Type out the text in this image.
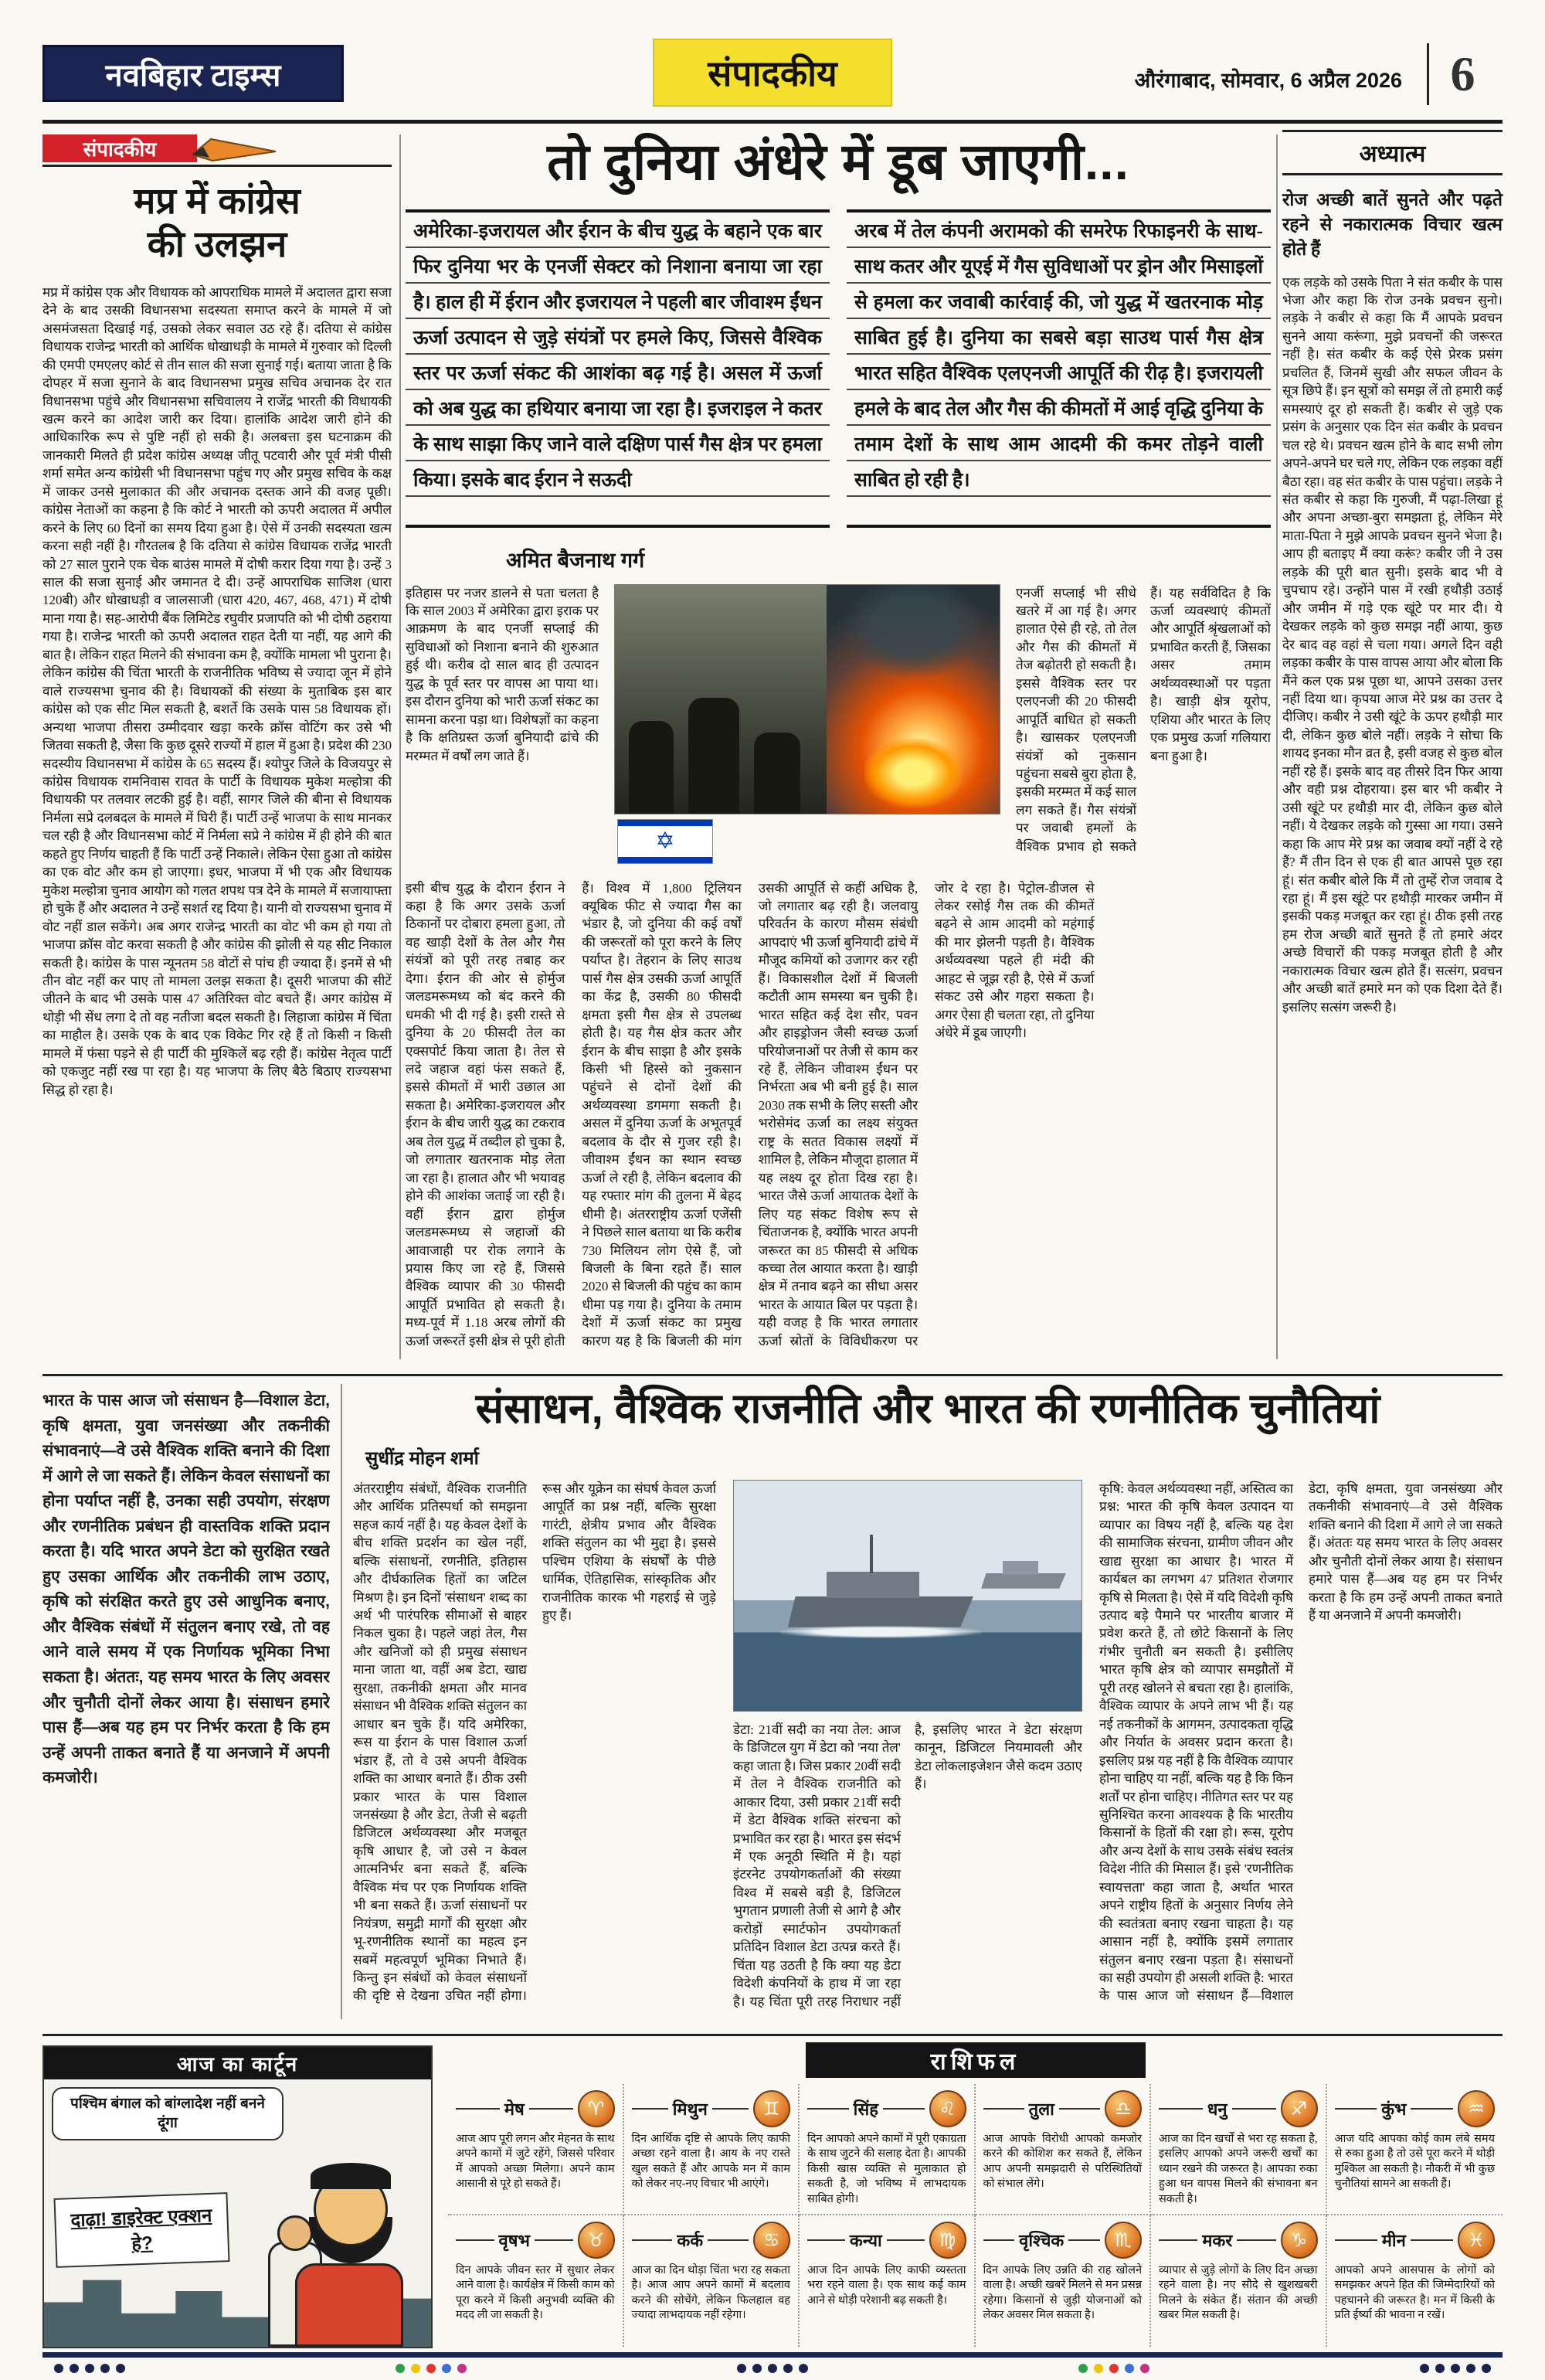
नवबिहार टाइम्स	संपादकीय	औरंगाबाद, सोमवार, 6 अप्रैल 2026 6
संपादकीय
मप्र में कांग्रेस
की उलझन
मप्र में कांग्रेस एक और विधायक को आपराधिक मामले में अदालत द्वारा सजा देने के बाद उसकी विधानसभा सदस्यता समाप्त करने के मामले में जो असमंजसता दिखाई गई, उसको लेकर सवाल उठ रहे हैं। दतिया से कांग्रेस विधायक राजेन्द्र भारती को आर्थिक धोखाधड़ी के मामले में गुरुवार को दिल्ली की एमपी एमएलए कोर्ट से तीन साल की सजा सुनाई गई। बताया जाता है कि दोपहर में सजा सुनाने के बाद विधानसभा प्रमुख सचिव अचानक देर रात विधानसभा पहुंचे और विधानसभा सचिवालय ने राजेंद्र भारती की विधायकी खत्म करने का आदेश जारी कर दिया। हालांकि आदेश जारी होने की आधिकारिक रूप से पुष्टि नहीं हो सकी है। अलबत्ता इस घटनाक्रम की जानकारी मिलते ही प्रदेश कांग्रेस अध्यक्ष जीतू पटवारी और पूर्व मंत्री पीसी शर्मा समेत अन्य कांग्रेसी भी विधानसभा पहुंच गए और प्रमुख सचिव के कक्ष में जाकर उनसे मुलाकात की और अचानक दस्तक आने की वजह पूछी। कांग्रेस नेताओं का कहना है कि कोर्ट ने भारती को ऊपरी अदालत में अपील करने के लिए 60 दिनों का समय दिया हुआ है। ऐसे में उनकी सदस्यता खत्म करना सही नहीं है। गौरतलब है कि दतिया से कांग्रेस विधायक राजेंद्र भारती को 27 साल पुराने एक चेक बाउंस मामले में दोषी करार दिया गया है। उन्हें 3 साल की सजा सुनाई और जमानत दे दी। उन्हें आपराधिक साजिश (धारा 120बी) और धोखाधड़ी व जालसाजी (धारा 420, 467, 468, 471) में दोषी माना गया है। सह-आरोपी बैंक लिमिटेड रघुवीर प्रजापति को भी दोषी ठहराया गया है। राजेन्द्र भारती को ऊपरी अदालत राहत देती या नहीं, यह आगे की बात है। लेकिन राहत मिलने की संभावना कम है, क्योंकि मामला भी पुराना है। लेकिन कांग्रेस की चिंता भारती के राजनीतिक भविष्य से ज्यादा जून में होने वाले राज्यसभा चुनाव की है। विधायकों की संख्या के मुताबिक इस बार कांग्रेस को एक सीट मिल सकती है, बशर्ते कि उसके पास 58 विधायक हों। अन्यथा भाजपा तीसरा उम्मीदवार खड़ा करके क्रॉस वोटिंग कर उसे भी जितवा सकती है, जैसा कि कुछ दूसरे राज्यों में हाल में हुआ है। प्रदेश की 230 सदस्यीय विधानसभा में कांग्रेस के 65 सदस्य हैं। श्योपुर जिले के विजयपुर से कांग्रेस विधायक रामनिवास रावत के पार्टी के विधायक मुकेश मल्होत्रा की विधायकी पर तलवार लटकी हुई है। वहीं, सागर जिले की बीना से विधायक निर्मला सप्रे दलबदल के मामले में घिरी हैं। पार्टी उन्हें भाजपा के साथ मानकर चल रही है और विधानसभा कोर्ट में निर्मला सप्रे ने कांग्रेस में ही होने की बात कहते हुए निर्णय चाहती हैं कि पार्टी उन्हें निकाले। लेकिन ऐसा हुआ तो कांग्रेस का एक वोट और कम हो जाएगा। इधर, भाजपा में भी एक और विधायक मुकेश मल्होत्रा चुनाव आयोग को गलत शपथ पत्र देने के मामले में सजायाफ्ता हो चुके हैं और अदालत ने उन्हें सशर्त रद्द दिया है। यानी वो राज्यसभा चुनाव में वोट नहीं डाल सकेंगे। अब अगर राजेन्द्र भारती का वोट भी कम हो गया तो भाजपा क्रॉस वोट करवा सकती है और कांग्रेस की झोली से यह सीट निकाल सकती है। कांग्रेस के पास न्यूनतम 58 वोटों से पांच ही ज्यादा हैं। इनमें से भी तीन वोट नहीं कर पाए तो मामला उलझ सकता है। दूसरी भाजपा की सीटें जीतने के बाद भी उसके पास 47 अतिरिक्त वोट बचते हैं। अगर कांग्रेस में थोड़ी भी सेंध लगा दे तो वह नतीजा बदल सकती है। लिहाजा कांग्रेस में चिंता का माहौल है। उसके एक के बाद एक विकेट गिर रहे हैं तो किसी न किसी मामले में फंसा पड़ने से ही पार्टी की मुश्किलें बढ़ रही हैं। कांग्रेस नेतृत्व पार्टी को एकजुट नहीं रख पा रहा है। यह भाजपा के लिए बैठे बिठाए राज्यसभा सिद्ध हो रहा है।
तो दुनिया अंधेरे में डूब जाएगी...
अमेरिका-इजरायल और ईरान के बीच युद्ध के बहाने एक बार फिर दुनिया भर के एनर्जी सेक्टर को निशाना बनाया जा रहा है। हाल ही में ईरान और इजरायल ने पहली बार जीवाश्म ईंधन ऊर्जा उत्पादन से जुड़े संयंत्रों पर हमले किए, जिससे वैश्विक स्तर पर ऊर्जा संकट की आशंका बढ़ गई है। असल में ऊर्जा को अब युद्ध का हथियार बनाया जा रहा है। इजराइल ने कतर के साथ साझा किए जाने वाले दक्षिण पार्स गैस क्षेत्र पर हमला किया। इसके बाद ईरान ने सऊदी
अरब में तेल कंपनी अरामको की समरेफ रिफाइनरी के साथ-साथ कतर और यूएई में गैस सुविधाओं पर ड्रोन और मिसाइलों से हमला कर जवाबी कार्रवाई की, जो युद्ध में खतरनाक मोड़ साबित हुई है। दुनिया का सबसे बड़ा साउथ पार्स गैस क्षेत्र भारत सहित वैश्विक एलएनजी आपूर्ति की रीढ़ है। इजरायली हमले के बाद तेल और गैस की कीमतों में आई वृद्धि दुनिया के तमाम देशों के साथ आम आदमी की कमर तोड़ने वाली साबित हो रही है।
अमित बैजनाथ गर्ग
इतिहास पर नजर डालने से पता चलता है कि साल 2003 में अमेरिका द्वारा इराक पर आक्रमण के बाद एनर्जी सप्लाई की सुविधाओं को निशाना बनाने की शुरुआत हुई थी। करीब दो साल बाद ही उत्पादन युद्ध के पूर्व स्तर पर वापस आ पाया था। इस दौरान दुनिया को भारी ऊर्जा संकट का सामना करना पड़ा था। विशेषज्ञों का कहना है कि क्षतिग्रस्त ऊर्जा बुनियादी ढांचे की मरम्मत में वर्षों लग जाते हैं।
✡
एनर्जी सप्लाई भी सीधे खतरे में आ गई है। अगर हालात ऐसे ही रहे, तो तेल और गैस की कीमतों में तेज बढ़ोतरी हो सकती है। इससे वैश्विक स्तर पर एलएनजी की 20 फीसदी आपूर्ति बाधित हो सकती है। खासकर एलएनजी संयंत्रों को नुकसान पहुंचना सबसे बुरा होता है, इसकी मरम्मत में कई साल लग सकते हैं। गैस संयंत्रों पर जवाबी हमलों के वैश्विक प्रभाव हो सकते हैं। यह सर्वविदित है कि ऊर्जा व्यवस्थाएं कीमतों और आपूर्ति श्रृंखलाओं को प्रभावित करती हैं, जिसका असर तमाम अर्थव्यवस्थाओं पर पड़ता है। खाड़ी क्षेत्र यूरोप, एशिया और भारत के लिए एक प्रमुख ऊर्जा गलियारा बना हुआ है।
इसी बीच युद्ध के दौरान ईरान ने कहा है कि अगर उसके ऊर्जा ठिकानों पर दोबारा हमला हुआ, तो वह खाड़ी देशों के तेल और गैस संयंत्रों को पूरी तरह तबाह कर देगा। ईरान की ओर से होर्मुज जलडमरूमध्य को बंद करने की धमकी भी दी गई है। इसी रास्ते से दुनिया के 20 फीसदी तेल का एक्सपोर्ट किया जाता है। तेल से लदे जहाज वहां फंस सकते हैं, इससे कीमतों में भारी उछाल आ सकता है। अमेरिका-इजरायल और ईरान के बीच जारी युद्ध का टकराव अब तेल युद्ध में तब्दील हो चुका है, जो लगातार खतरनाक मोड़ लेता जा रहा है। हालात और भी भयावह होने की आशंका जताई जा रही है। वहीं ईरान द्वारा होर्मुज जलडमरूमध्य से जहाजों की आवाजाही पर रोक लगाने के प्रयास किए जा रहे हैं, जिससे वैश्विक व्यापार की 30 फीसदी आपूर्ति प्रभावित हो सकती है। मध्य-पूर्व में 1.18 अरब लोगों की ऊर्जा जरूरतें इसी क्षेत्र से पूरी होती हैं। विश्व में 1,800 ट्रिलियन क्यूबिक फीट से ज्यादा गैस का भंडार है, जो दुनिया की कई वर्षों की जरूरतों को पूरा करने के लिए पर्याप्त है। तेहरान के लिए साउथ पार्स गैस क्षेत्र उसकी ऊर्जा आपूर्ति का केंद्र है, उसकी 80 फीसदी क्षमता इसी गैस क्षेत्र से उपलब्ध होती है। यह गैस क्षेत्र कतर और ईरान के बीच साझा है और इसके किसी भी हिस्से को नुकसान पहुंचने से दोनों देशों की अर्थव्यवस्था डगमगा सकती है। असल में दुनिया ऊर्जा के अभूतपूर्व बदलाव के दौर से गुजर रही है। जीवाश्म ईंधन का स्थान स्वच्छ ऊर्जा ले रही है, लेकिन बदलाव की यह रफ्तार मांग की तुलना में बेहद धीमी है। अंतरराष्ट्रीय ऊर्जा एजेंसी ने पिछले साल बताया था कि करीब 730 मिलियन लोग ऐसे हैं, जो बिजली के बिना रहते हैं। साल 2020 से बिजली की पहुंच का काम धीमा पड़ गया है। दुनिया के तमाम देशों में ऊर्जा संकट का प्रमुख कारण यह है कि बिजली की मांग उसकी आपूर्ति से कहीं अधिक है, जो लगातार बढ़ रही है। जलवायु परिवर्तन के कारण मौसम संबंधी आपदाएं भी ऊर्जा बुनियादी ढांचे में मौजूद कमियों को उजागर कर रही हैं। विकासशील देशों में बिजली कटौती आम समस्या बन चुकी है। भारत सहित कई देश सौर, पवन और हाइड्रोजन जैसी स्वच्छ ऊर्जा परियोजनाओं पर तेजी से काम कर रहे हैं, लेकिन जीवाश्म ईंधन पर निर्भरता अब भी बनी हुई है। साल 2030 तक सभी के लिए सस्ती और भरोसेमंद ऊर्जा का लक्ष्य संयुक्त राष्ट्र के सतत विकास लक्ष्यों में शामिल है, लेकिन मौजूदा हालात में यह लक्ष्य दूर होता दिख रहा है। भारत जैसे ऊर्जा आयातक देशों के लिए यह संकट विशेष रूप से चिंताजनक है, क्योंकि भारत अपनी जरूरत का 85 फीसदी से अधिक कच्चा तेल आयात करता है। खाड़ी क्षेत्र में तनाव बढ़ने का सीधा असर भारत के आयात बिल पर पड़ता है। यही वजह है कि भारत लगातार ऊर्जा स्रोतों के विविधीकरण पर जोर दे रहा है। पेट्रोल-डीजल से लेकर रसोई गैस तक की कीमतें बढ़ने से आम आदमी को महंगाई की मार झेलनी पड़ती है। वैश्विक अर्थव्यवस्था पहले ही मंदी की आहट से जूझ रही है, ऐसे में ऊर्जा संकट उसे और गहरा सकता है। अगर ऐसा ही चलता रहा, तो दुनिया अंधेरे में डूब जाएगी।
अध्यात्म
रोज अच्छी बातें सुनते और पढ़ते रहने से नकारात्मक विचार खत्म होते हैं
एक लड़के को उसके पिता ने संत कबीर के पास भेजा और कहा कि रोज उनके प्रवचन सुनो। लड़के ने कबीर से कहा कि मैं आपके प्रवचन सुनने आया करूंगा, मुझे प्रवचनों की जरूरत नहीं है। संत कबीर के कई ऐसे प्रेरक प्रसंग प्रचलित हैं, जिनमें सुखी और सफल जीवन के सूत्र छिपे हैं। इन सूत्रों को समझ लें तो हमारी कई समस्याएं दूर हो सकती हैं। कबीर से जुड़े एक प्रसंग के अनुसार एक दिन संत कबीर के प्रवचन चल रहे थे। प्रवचन खत्म होने के बाद सभी लोग अपने-अपने घर चले गए, लेकिन एक लड़का वहीं बैठा रहा। वह संत कबीर के पास पहुंचा। लड़के ने संत कबीर से कहा कि गुरुजी, मैं पढ़ा-लिखा हूं और अपना अच्छा-बुरा समझता हूं, लेकिन मेरे माता-पिता ने मुझे आपके प्रवचन सुनने भेजा है। आप ही बताइए मैं क्या करूं? कबीर जी ने उस लड़के की पूरी बात सुनी। इसके बाद भी वे चुपचाप रहे। उन्होंने पास में रखी हथौड़ी उठाई और जमीन में गड़े एक खूंटे पर मार दी। ये देखकर लड़के को कुछ समझ नहीं आया, कुछ देर बाद वह वहां से चला गया। अगले दिन वही लड़का कबीर के पास वापस आया और बोला कि मैंने कल एक प्रश्न पूछा था, आपने उसका उत्तर नहीं दिया था। कृपया आज मेरे प्रश्न का उत्तर दे दीजिए। कबीर ने उसी खूंटे के ऊपर हथौड़ी मार दी, लेकिन कुछ बोले नहीं। लड़के ने सोचा कि शायद इनका मौन व्रत है, इसी वजह से कुछ बोल नहीं रहे हैं। इसके बाद वह तीसरे दिन फिर आया और वही प्रश्न दोहराया। इस बार भी कबीर ने उसी खूंटे पर हथौड़ी मार दी, लेकिन कुछ बोले नहीं। ये देखकर लड़के को गुस्सा आ गया। उसने कहा कि आप मेरे प्रश्न का जवाब क्यों नहीं दे रहे हैं? मैं तीन दिन से एक ही बात आपसे पूछ रहा हूं। संत कबीर बोले कि मैं तो तुम्हें रोज जवाब दे रहा हूं। मैं इस खूंटे पर हथौड़ी मारकर जमीन में इसकी पकड़ मजबूत कर रहा हूं। ठीक इसी तरह हम रोज अच्छी बातें सुनते हैं तो हमारे अंदर अच्छे विचारों की पकड़ मजबूत होती है और नकारात्मक विचार खत्म होते हैं। सत्संग, प्रवचन और अच्छी बातें हमारे मन को एक दिशा देते हैं। इसलिए सत्संग जरूरी है।
भारत के पास आज जो संसाधन है—विशाल डेटा, कृषि क्षमता, युवा जनसंख्या और तकनीकी संभावनाएं—वे उसे वैश्विक शक्ति बनाने की दिशा में आगे ले जा सकते हैं। लेकिन केवल संसाधनों का होना पर्याप्त नहीं है, उनका सही उपयोग, संरक्षण और रणनीतिक प्रबंधन ही वास्तविक शक्ति प्रदान करता है। यदि भारत अपने डेटा को सुरक्षित रखते हुए उसका आर्थिक और तकनीकी लाभ उठाए, कृषि को संरक्षित करते हुए उसे आधुनिक बनाए, और वैश्विक संबंधों में संतुलन बनाए रखे, तो वह आने वाले समय में एक निर्णायक भूमिका निभा सकता है। अंततः, यह समय भारत के लिए अवसर और चुनौती दोनों लेकर आया है। संसाधन हमारे पास हैं—अब यह हम पर निर्भर करता है कि हम उन्हें अपनी ताकत बनाते हैं या अनजाने में अपनी कमजोरी।
संसाधन, वैश्विक राजनीति और भारत की रणनीतिक चुनौतियां
सुधींद्र मोहन शर्मा
अंतरराष्ट्रीय संबंधों, वैश्विक राजनीति और आर्थिक प्रतिस्पर्धा को समझना सहज कार्य नहीं है। यह केवल देशों के बीच शक्ति प्रदर्शन का खेल नहीं, बल्कि संसाधनों, रणनीति, इतिहास और दीर्घकालिक हितों का जटिल मिश्रण है। इन दिनों 'संसाधन' शब्द का अर्थ भी पारंपरिक सीमाओं से बाहर निकल चुका है। पहले जहां तेल, गैस और खनिजों को ही प्रमुख संसाधन माना जाता था, वहीं अब डेटा, खाद्य सुरक्षा, तकनीकी क्षमता और मानव संसाधन भी वैश्विक शक्ति संतुलन का आधार बन चुके हैं। यदि अमेरिका, रूस या ईरान के पास विशाल ऊर्जा भंडार हैं, तो वे उसे अपनी वैश्विक शक्ति का आधार बनाते हैं। ठीक उसी प्रकार भारत के पास विशाल जनसंख्या है और डेटा, तेजी से बढ़ती डिजिटल अर्थव्यवस्था और मजबूत कृषि आधार है, जो उसे न केवल आत्मनिर्भर बना सकते हैं, बल्कि वैश्विक मंच पर एक निर्णायक शक्ति भी बना सकते हैं। ऊर्जा संसाधनों पर नियंत्रण, समुद्री मार्गों की सुरक्षा और भू-रणनीतिक स्थानों का महत्व इन सबमें महत्वपूर्ण भूमिका निभाते हैं। किन्तु इन संबंधों को केवल संसाधनों की दृष्टि से देखना उचित नहीं होगा। रूस और यूक्रेन का संघर्ष केवल ऊर्जा आपूर्ति का प्रश्न नहीं, बल्कि सुरक्षा गारंटी, क्षेत्रीय प्रभाव और वैश्विक शक्ति संतुलन का भी मुद्दा है। इससे पश्चिम एशिया के संघर्षों के पीछे धार्मिक, ऐतिहासिक, सांस्कृतिक और राजनीतिक कारक भी गहराई से जुड़े हुए हैं।
डेटा: 21वीं सदी का नया तेल: आज के डिजिटल युग में डेटा को 'नया तेल' कहा जाता है। जिस प्रकार 20वीं सदी में तेल ने वैश्विक राजनीति को आकार दिया, उसी प्रकार 21वीं सदी में डेटा वैश्विक शक्ति संरचना को प्रभावित कर रहा है। भारत इस संदर्भ में एक अनूठी स्थिति में है। यहां इंटरनेट उपयोगकर्ताओं की संख्या विश्व में सबसे बड़ी है, डिजिटल भुगतान प्रणाली तेजी से आगे है और करोड़ों स्मार्टफोन उपयोगकर्ता प्रतिदिन विशाल डेटा उत्पन्न करते हैं। चिंता यह उठती है कि क्या यह डेटा विदेशी कंपनियों के हाथ में जा रहा है। यह चिंता पूरी तरह निराधार नहीं है, इसलिए भारत ने डेटा संरक्षण कानून, डिजिटल नियमावली और डेटा लोकलाइजेशन जैसे कदम उठाए हैं।
कृषि: केवल अर्थव्यवस्था नहीं, अस्तित्व का प्रश्न: भारत की कृषि केवल उत्पादन या व्यापार का विषय नहीं है, बल्कि यह देश की सामाजिक संरचना, ग्रामीण जीवन और खाद्य सुरक्षा का आधार है। भारत में कार्यबल का लगभग 47 प्रतिशत रोजगार कृषि से मिलता है। ऐसे में यदि विदेशी कृषि उत्पाद बड़े पैमाने पर भारतीय बाजार में प्रवेश करते हैं, तो छोटे किसानों के लिए गंभीर चुनौती बन सकती है। इसीलिए भारत कृषि क्षेत्र को व्यापार समझौतों में पूरी तरह खोलने से बचता रहा है। हालांकि, वैश्विक व्यापार के अपने लाभ भी हैं। यह नई तकनीकों के आगमन, उत्पादकता वृद्धि और निर्यात के अवसर प्रदान करता है। इसलिए प्रश्न यह नहीं है कि वैश्विक व्यापार होना चाहिए या नहीं, बल्कि यह है कि किन शर्तों पर होना चाहिए। नीतिगत स्तर पर यह सुनिश्चित करना आवश्यक है कि भारतीय किसानों के हितों की रक्षा हो। रूस, यूरोप और अन्य देशों के साथ उसके संबंध स्वतंत्र विदेश नीति की मिसाल हैं। इसे 'रणनीतिक स्वायत्तता' कहा जाता है, अर्थात भारत अपने राष्ट्रीय हितों के अनुसार निर्णय लेने की स्वतंत्रता बनाए रखना चाहता है। यह आसान नहीं है, क्योंकि इसमें लगातार संतुलन बनाए रखना पड़ता है। संसाधनों का सही उपयोग ही असली शक्ति है: भारत के पास आज जो संसाधन हैं—विशाल डेटा, कृषि क्षमता, युवा जनसंख्या और तकनीकी संभावनाएं—वे उसे वैश्विक शक्ति बनाने की दिशा में आगे ले जा सकते हैं। अंततः यह समय भारत के लिए अवसर और चुनौती दोनों लेकर आया है। संसाधन हमारे पास हैं—अब यह हम पर निर्भर करता है कि हम उन्हें अपनी ताकत बनाते हैं या अनजाने में अपनी कमजोरी।
आज का कार्टून
पश्चिम बंगाल को बांग्लादेश नहीं बनने दूंगा
दाढ़ा! डाइरेक्ट एक्शन हे?
राशिफल
मेष	♈

आज आप पूरी लगन और मेहनत के साथ अपने कामों में जुटे रहेंगे, जिससे परिवार में आपको अच्छा मिलेगा। अपने काम आसानी से पूरे हो सकते हैं।

मिथुन	♊

दिन आर्थिक दृष्टि से आपके लिए काफी अच्छा रहने वाला है। आय के नए रास्ते खुल सकते हैं और आपके मन में काम को लेकर नए-नए विचार भी आएंगे।

सिंह	♌

दिन आपको अपने कामों में पूरी एकाग्रता के साथ जुटने की सलाह देता है। आपकी किसी खास व्यक्ति से मुलाकात हो सकती है, जो भविष्य में लाभदायक साबित होगी।

तुला	♎

आज आपके विरोधी आपको कमजोर करने की कोशिश कर सकते हैं, लेकिन आप अपनी समझदारी से परिस्थितियों को संभाल लेंगे।

धनु	♐

आज का दिन खर्चों से भरा रह सकता है, इसलिए आपको अपने जरूरी खर्चों का ध्यान रखने की जरूरत है। आपका रुका हुआ धन वापस मिलने की संभावना बन सकती है।

कुंभ	♒

आज यदि आपका कोई काम लंबे समय से रुका हुआ है तो उसे पूरा करने में थोड़ी मुश्किल आ सकती है। नौकरी में भी कुछ चुनौतियां सामने आ सकती हैं।

वृषभ	♉

दिन आपके जीवन स्तर में सुधार लेकर आने वाला है। कार्यक्षेत्र में किसी काम को पूरा करने में किसी अनुभवी व्यक्ति की मदद ली जा सकती है।

कर्क	♋

आज का दिन थोड़ा चिंता भरा रह सकता है। आज आप अपने कामों में बदलाव करने की सोचेंगे, लेकिन फिलहाल वह ज्यादा लाभदायक नहीं रहेगा।

कन्या	♍

आज दिन आपके लिए काफी व्यस्तता भरा रहने वाला है। एक साथ कई काम आने से थोड़ी परेशानी बढ़ सकती है।

वृश्चिक	♏

दिन आपके लिए उन्नति की राह खोलने वाला है। अच्छी खबरें मिलने से मन प्रसन्न रहेगा। किसानों से जुड़ी योजनाओं को लेकर अवसर मिल सकता है।

मकर	♑

व्यापार से जुड़े लोगों के लिए दिन अच्छा रहने वाला है। नए सौदे से खुशखबरी मिलने के संकेत हैं। संतान की अच्छी खबर मिल सकती है।

मीन	♓

आपको अपने आसपास के लोगों को समझकर अपने हित की जिम्मेदारियों को पहचानने की जरूरत है। मन में किसी के प्रति ईर्ष्या की भावना न रखें।
